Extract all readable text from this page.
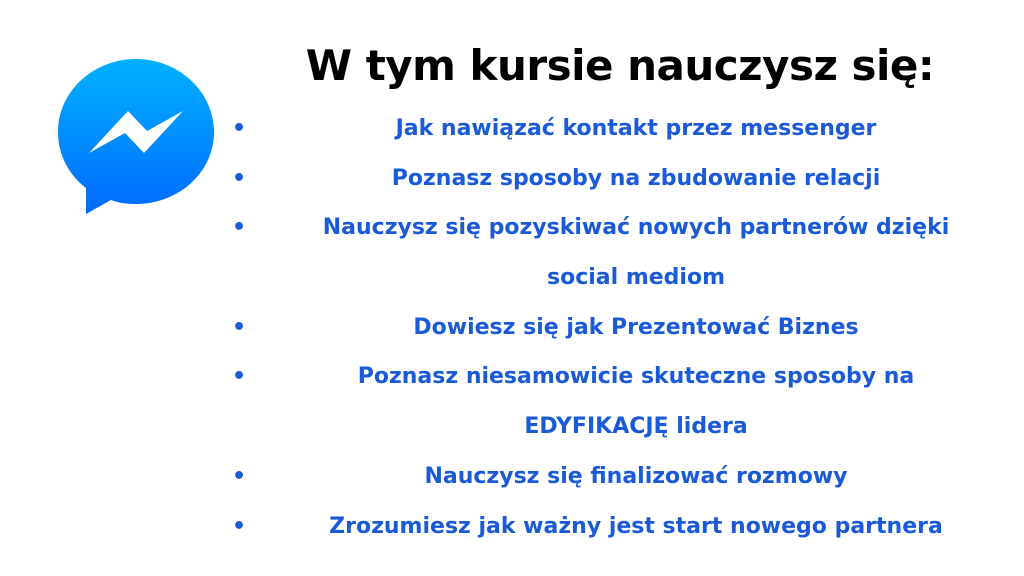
W tym kursie nauczysz się:
•	Jak nawiązać kontakt przez messenger
•	Poznasz sposoby na zbudowanie relacji
•	Nauczysz się pozyskiwać nowych partnerów dzięki
social mediom
•	Dowiesz się jak Prezentować Biznes
•	Poznasz niesamowicie skuteczne sposoby na
EDYFIKACJĘ lidera
•	Nauczysz się finalizować rozmowy
•	Zrozumiesz jak ważny jest start nowego partnera
